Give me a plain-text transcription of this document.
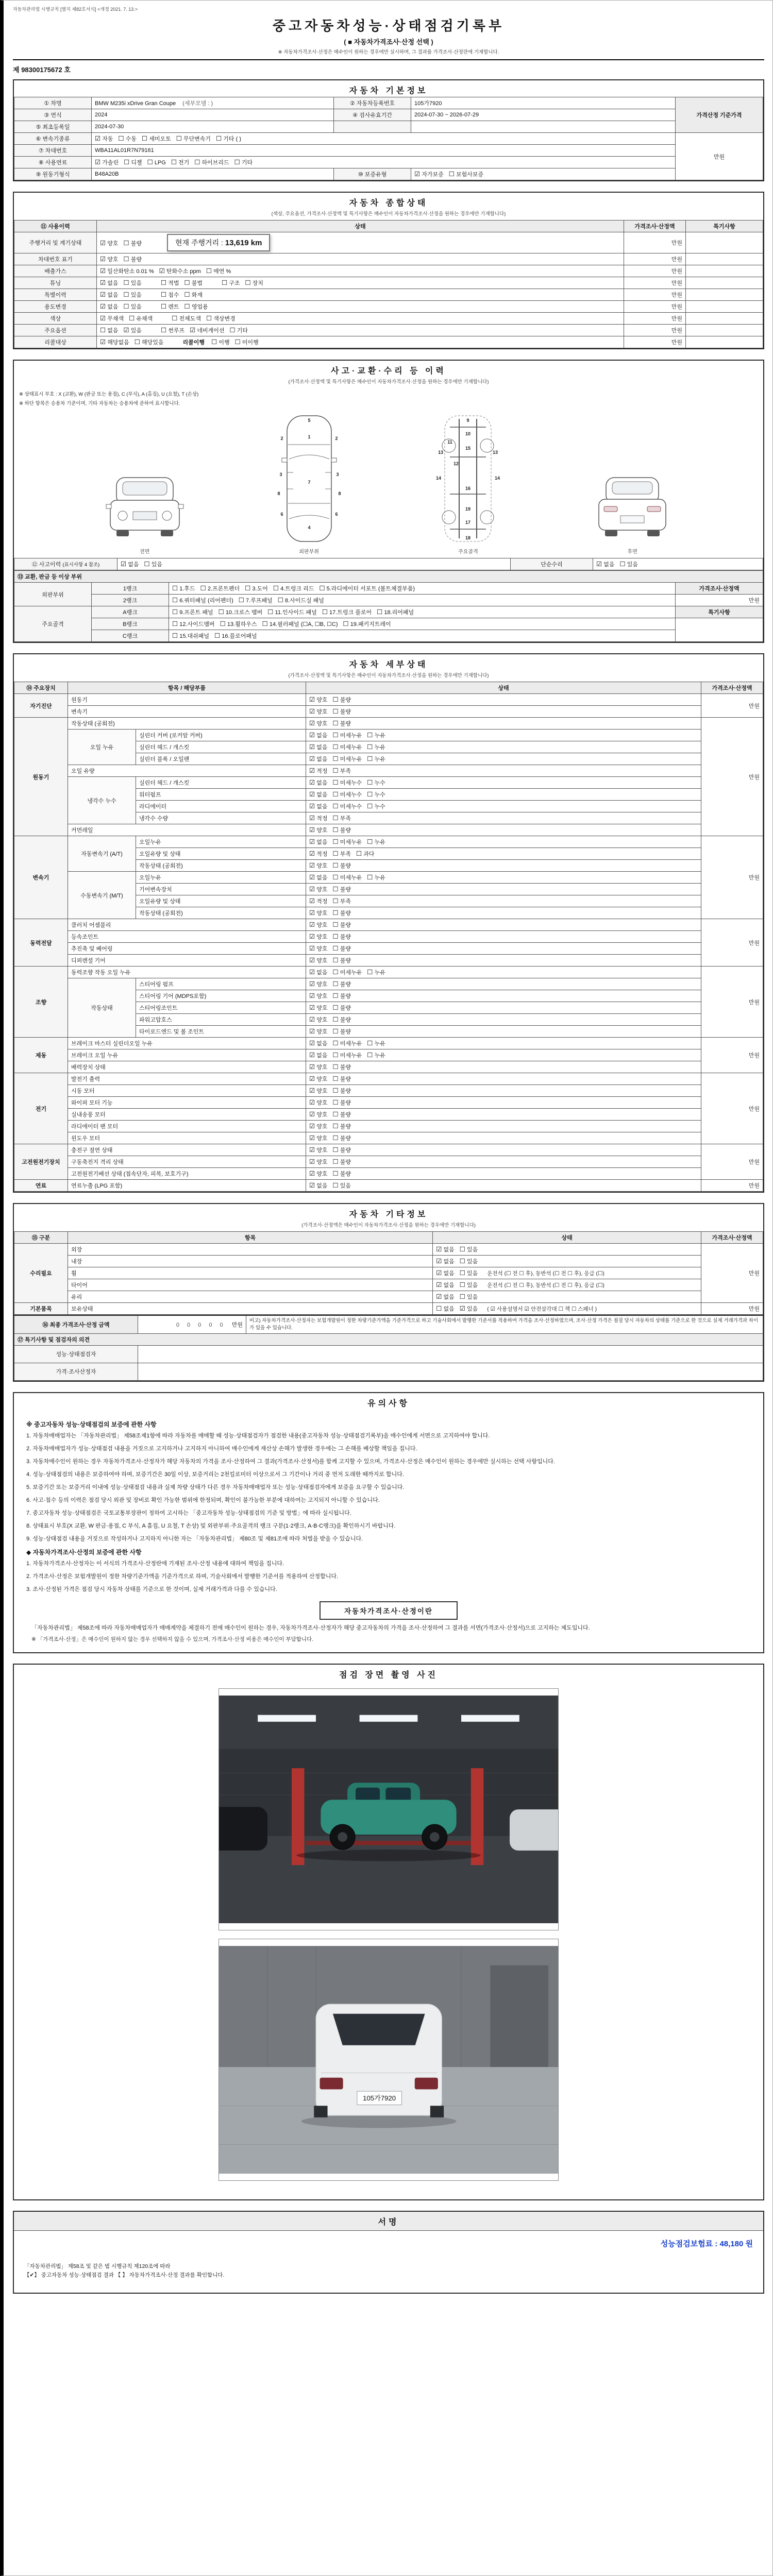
자동차관리법 시행규칙 [별지 제82호서식] <개정 2021. 7. 13.>
중고자동차성능·상태점검기록부
( ■ 자동차가격조사·산정 선택 )
※ 자동차가격조사·산정은 매수인이 원하는 경우에만 실시하며, 그 결과를 가격조사·산정란에 기재합니다.
제 98300175672 호
자동차 기본정보
① 차명	BMW M235i xDrive Gran Coupe (세부모델 : )	② 자동차등록번호	105가7920	가격산정 기준가격
③ 연식	2024	④ 검사유효기간	2024-07-30 ~ 2026-07-29	
⑤ 최초등록일	2024-07-30			
⑥ 변속기종류	☑ 자동 ☐ 수동 ☐ 세미오토 ☐ 무단변속기 ☐ 기타 ( )			만원
⑦ 차대번호	WBA11AL01R7N79161			
⑧ 사용연료	☑ 가솔린 ☐ 디젤 ☐ LPG ☐ 전기 ☐ 하이브리드 ☐ 기타			
⑨ 원동기형식	B48A20B	⑩ 보증유형	☑ 자가보증 ☐ 보험사보증	
자동차 종합상태
(색상, 주요옵션, 가격조사·산정액 및 특기사항은 매수인이 자동차가격조사·산정을 원하는 경우에만 기재합니다)
⑪ 사용이력	상태	가격조사·산정액	특기사항
주행거리 및 계기상태	☑ 양호 ☐ 불량 현재 주행거리 : 13,619 km	만원	
차대번호 표기	☑ 양호 ☐ 불량	만원	
배출가스	☑ 일산화탄소 0.01 % ☑ 탄화수소 ppm ☐ 매연 %	만원	
튜닝	☑ 없음 ☐ 있음 ☐ 적법 ☐ 불법 ☐ 구조 ☐ 장치	만원	
특별이력	☑ 없음 ☐ 있음 ☐ 침수 ☐ 화재	만원	
용도변경	☑ 없음 ☐ 있음 ☐ 렌트 ☐ 영업용	만원	
색상	☑ 무채색 ☐ 유채색 ☐ 전체도색 ☐ 색상변경	만원	
주요옵션	☐ 없음 ☑ 있음 ☐ 썬루프 ☑ 네비게이션 ☐ 기타	만원	
리콜대상	☑ 해당없음 ☐ 해당있음 리콜이행 ☐ 이행 ☐ 미이행	만원	
사고·교환·수리 등 이력
(가격조사·산정액 및 특기사항은 매수인이 자동차가격조사·산정을 원하는 경우에만 기재합니다)
※ 상태표시 부호 : X (교환), W (판금 또는 용접), C (부식), A (흠집), U (요철), T (손상)
※ 하단 항목은 승용차 기준이며, 기타 자동차는 승용차에 준하여 표시합니다.
전면
5
1
2	2
3	3
7
8	8
6	6
4
외판부위
9
10
11
13	13
15
12
14	14
16
19
17
18
주요골격	후면
⑫ 사고이력 (표시사항 4 참조)	☑ 없음 ☐ 있음	단순수리	☑ 없음 ☐ 있음
⑬ 교환, 판금 등 이상 부위			
외판부위	1랭크	☐ 1.후드 ☐ 2.프론트펜더 ☐ 3.도어 ☐ 4.트렁크 리드 ☐ 5.라디에이터 서포트 (볼트체결부품)	가격조사·산정액
	2랭크	☐ 6.쿼터패널 (리어펜더) ☐ 7.루프패널 ☐ 8.사이드실 패널	만원
주요골격	A랭크	☐ 9.프론트 패널 ☐ 10.크로스 멤버 ☐ 11.인사이드 패널 ☐ 17.트렁크 플로어 ☐ 18.리어패널	특기사항
	B랭크	☐ 12.사이드멤버 ☐ 13.휠하우스 ☐ 14.필러패널 (☐A, ☐B, ☐C) ☐ 19.패키지트레이	
	C랭크	☐ 15.대쉬패널 ☐ 16.플로어패널	
자동차 세부상태
(가격조사·산정액 및 특기사항은 매수인이 자동차가격조사·산정을 원하는 경우에만 기재합니다)
⑭ 주요장치	항목 / 해당부품		상태	가격조사·산정액
자기진단	원동기		☑ 양호 ☐ 불량	만원
	변속기		☑ 양호 ☐ 불량	
원동기	작동상태 (공회전)		☑ 양호 ☐ 불량	만원
	오일 누유	실린더 커버 (로커암 커버)	☑ 없음 ☐ 미세누유 ☐ 누유	
		실린더 헤드 / 개스킷	☑ 없음 ☐ 미세누유 ☐ 누유	
		실린더 블록 / 오일팬	☑ 없음 ☐ 미세누유 ☐ 누유	
	오일 유량		☑ 적정 ☐ 부족	
	냉각수 누수	실린더 헤드 / 개스킷	☑ 없음 ☐ 미세누수 ☐ 누수	
		워터펌프	☑ 없음 ☐ 미세누수 ☐ 누수	
		라디에이터	☑ 없음 ☐ 미세누수 ☐ 누수	
		냉각수 수량	☑ 적정 ☐ 부족	
	커먼레일		☑ 양호 ☐ 불량	
변속기	자동변속기 (A/T)	오일누유	☑ 없음 ☐ 미세누유 ☐ 누유	만원
		오일유량 및 상태	☑ 적정 ☐ 부족 ☐ 과다	
		작동상태 (공회전)	☑ 양호 ☐ 불량	
	수동변속기 (M/T)	오일누유	☑ 없음 ☐ 미세누유 ☐ 누유	
		기어변속장치	☑ 양호 ☐ 불량	
		오일유량 및 상태	☑ 적정 ☐ 부족	
		작동상태 (공회전)	☑ 양호 ☐ 불량	
동력전달	클러치 어셈블리		☑ 양호 ☐ 불량	만원
	등속조인트		☑ 양호 ☐ 불량	
	추진축 및 베어링		☑ 양호 ☐ 불량	
	디퍼렌셜 기어		☑ 양호 ☐ 불량	
조향	동력조향 작동 오일 누유		☑ 없음 ☐ 미세누유 ☐ 누유	만원
	작동상태	스티어링 펌프	☑ 양호 ☐ 불량	
		스티어링 기어 (MDPS포함)	☑ 양호 ☐ 불량	
		스티어링조인트	☑ 양호 ☐ 불량	
		파워고압호스	☑ 양호 ☐ 불량	
		타이로드엔드 및 볼 조인트	☑ 양호 ☐ 불량	
제동	브레이크 마스터 실린더오일 누유		☑ 없음 ☐ 미세누유 ☐ 누유	만원
	브레이크 오일 누유		☑ 없음 ☐ 미세누유 ☐ 누유	
	배력장치 상태		☑ 양호 ☐ 불량	
전기	발전기 출력		☑ 양호 ☐ 불량	만원
	시동 모터		☑ 양호 ☐ 불량	
	와이퍼 모터 기능		☑ 양호 ☐ 불량	
	실내송풍 모터		☑ 양호 ☐ 불량	
	라디에이터 팬 모터		☑ 양호 ☐ 불량	
	윈도우 모터		☑ 양호 ☐ 불량	
고전원전기장치	충전구 절연 상태		☑ 양호 ☐ 불량	만원
	구동축전지 격리 상태		☑ 양호 ☐ 불량	
	고전원전기배선 상태 (접속단자, 피복, 보호기구)		☑ 양호 ☐ 불량	
연료	연료누출 (LPG 포함)		☑ 없음 ☐ 있음	만원
자동차 기타정보
(가격조사·산정액은 매수인이 자동차가격조사·산정을 원하는 경우에만 기재합니다)
⑮ 구분	항목	상태	가격조사·산정액
수리필요	외장	☑ 없음 ☐ 있음	만원
	내장	☑ 없음 ☐ 있음	
	휠	☑ 없음 ☐ 있음 운전석 (☐ 전 ☐ 후), 동반석 (☐ 전 ☐ 후), 응급 (☐)	
	타이어	☑ 없음 ☐ 있음 운전석 (☐ 전 ☐ 후), 동반석 (☐ 전 ☐ 후), 응급 (☐)	
	유리	☑ 없음 ☐ 있음	
기본품목	보유상태	☐ 없음 ☑ 있음 ( ☑ 사용설명서 ☑ 안전삼각대 ☐ 잭 ☐ 스패너 )	만원
⑯ 최종 가격조사·산정 금액	0 0 0 0 0 만원	비고) 자동차가격조사·산정자는 보험개발원이 정한 차량기준가액을 기준가격으로 하고 기술사회에서 발행한 기준서를 적용하여 가격을 조사·산정하였으며, 조사·산정 가격은 점검 당시 자동차의 상태를 기준으로 한 것으로 실제 거래가격과 차이가 있을 수 있습니다.

⑰ 특기사항 및 점검자의 의견		
성능·상태점검자		
가격·조사산정자		
유의사항
※ 중고자동차 성능·상태점검의 보증에 관한 사항
1. 자동차매매업자는 「자동차관리법」 제58조제1항에 따라 자동차를 매매할 때 성능·상태점검자가 점검한 내용(중고자동차 성능·상태점검기록부)을 매수인에게 서면으로 고지하여야 합니다.
2. 자동차매매업자가 성능·상태점검 내용을 거짓으로 고지하거나 고지하지 아니하여 매수인에게 재산상 손해가 발생한 경우에는 그 손해를 배상할 책임을 집니다.
3. 자동차매수인이 원하는 경우 자동차가격조사·산정자가 해당 자동차의 가격을 조사·산정하여 그 결과(가격조사·산정서)를 함께 고지할 수 있으며, 가격조사·산정은 매수인이 원하는 경우에만 실시하는 선택 사항입니다.
4. 성능·상태점검의 내용은 보증하여야 하며, 보증기간은 30일 이상, 보증거리는 2천킬로미터 이상으로서 그 기간이나 거리 중 먼저 도래한 때까지로 합니다.
5. 보증기간 또는 보증거리 이내에 성능·상태점검 내용과 실제 차량 상태가 다른 경우 자동차매매업자 또는 성능·상태점검자에게 보증을 요구할 수 있습니다.
6. 사고·침수 등의 이력은 점검 당시 외관 및 장비로 확인 가능한 범위에 한정되며, 확인이 불가능한 부분에 대하여는 고지되지 아니할 수 있습니다.
7. 중고자동차 성능·상태점검은 국토교통부장관이 정하여 고시하는 「중고자동차 성능·상태점검의 기준 및 방법」에 따라 실시됩니다.
8. 상태표시 부호(X 교환, W 판금·용접, C 부식, A 흠집, U 요철, T 손상) 및 외판부위·주요골격의 랭크 구분(1·2랭크, A·B·C랭크)을 확인하시기 바랍니다.
9. 성능·상태점검 내용을 거짓으로 작성하거나 고지하지 아니한 자는 「자동차관리법」 제80조 및 제81조에 따라 처벌을 받을 수 있습니다.
◆ 자동차가격조사·산정의 보증에 관한 사항
1. 자동차가격조사·산정자는 이 서식의 가격조사·산정란에 기재된 조사·산정 내용에 대하여 책임을 집니다.
2. 가격조사·산정은 보험개발원이 정한 차량기준가액을 기준가격으로 하며, 기술사회에서 발행한 기준서를 적용하여 산정합니다.
3. 조사·산정된 가격은 점검 당시 자동차 상태를 기준으로 한 것이며, 실제 거래가격과 다를 수 있습니다.
자동차가격조사·산정이란
「자동차관리법」 제58조에 따라 자동차매매업자가 매매계약을 체결하기 전에 매수인이 원하는 경우, 자동차가격조사·산정자가 해당 중고자동차의 가격을 조사·산정하여 그 결과를 서면(가격조사·산정서)으로 고지하는 제도입니다.
※ 「가격조사·산정」은 매수인이 원하지 않는 경우 선택하지 않을 수 있으며, 가격조사·산정 비용은 매수인이 부담합니다.
점검 장면 촬영 사진
105가7920
서명
성능점검보험료 : 48,180 원
「자동차관리법」 제58조 및 같은 법 시행규칙 제120조에 따라
【✔】 중고자동차 성능·상태점검 결과 【 】 자동차가격조사·산정 결과를 확인합니다.
